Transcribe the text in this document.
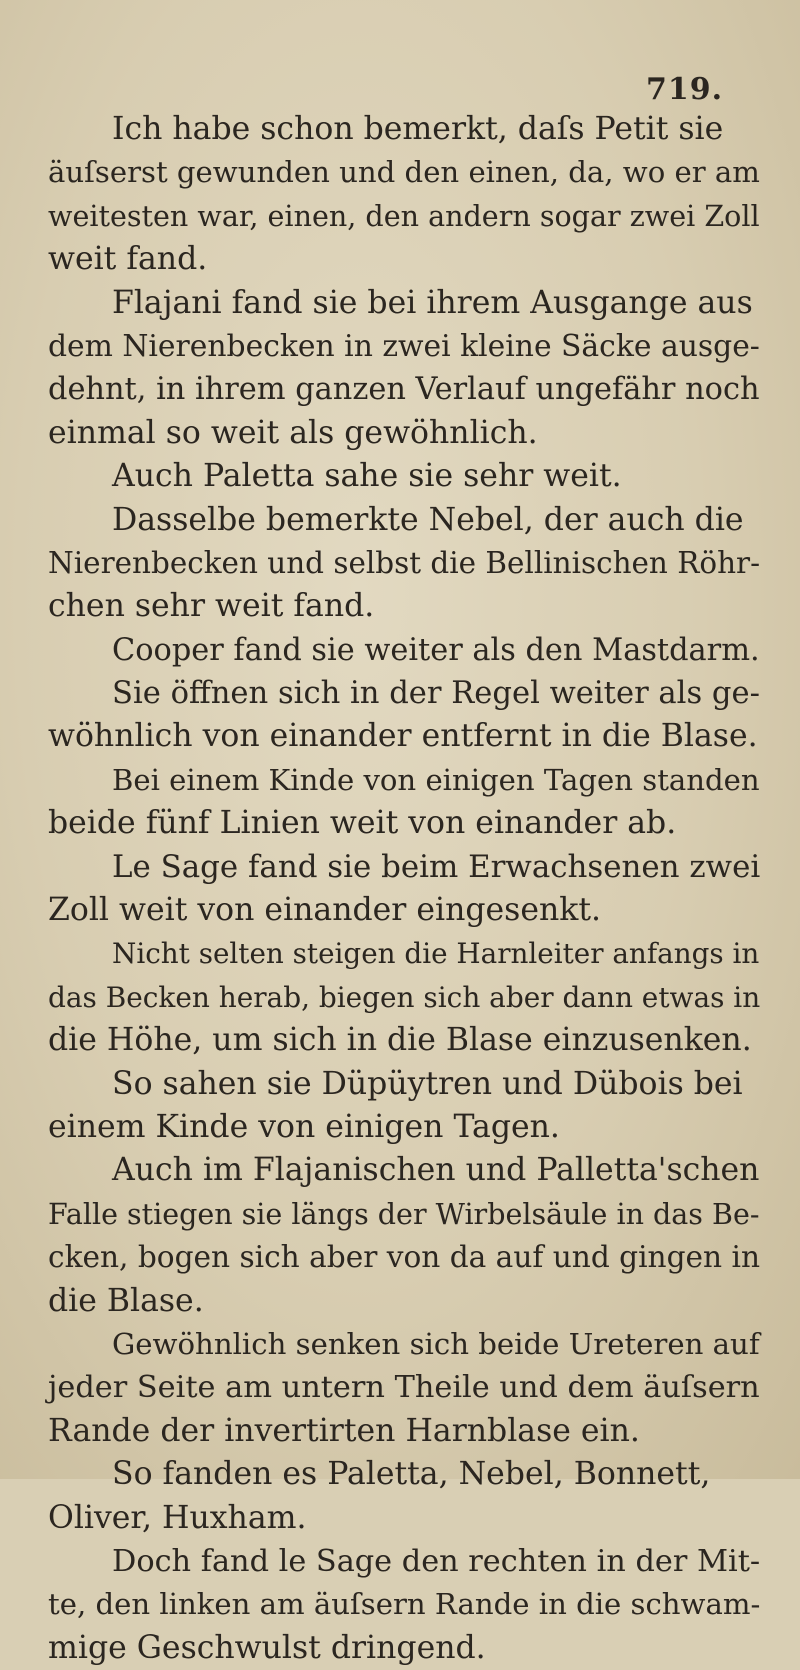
719.
Ich habe schon bemerkt, daſs Petit sie
äuſserst gewunden und den einen, da, wo er am
weitesten war, einen, den andern sogar zwei Zoll
weit fand.
Flajani fand sie bei ihrem Ausgange aus
dem Nierenbecken in zwei kleine Säcke ausge-
dehnt, in ihrem ganzen Verlauf ungefähr noch
einmal so weit als gewöhnlich.
Auch Paletta sahe sie sehr weit.
Dasselbe bemerkte Nebel, der auch die
Nierenbecken und selbst die Bellinischen Röhr-
chen sehr weit fand.
Cooper fand sie weiter als den Mastdarm.
Sie öffnen sich in der Regel weiter als ge-
wöhnlich von einander entfernt in die Blase.
Bei einem Kinde von einigen Tagen standen
beide fünf Linien weit von einander ab.
Le Sage fand sie beim Erwachsenen zwei
Zoll weit von einander eingesenkt.
Nicht selten steigen die Harnleiter anfangs in
das Becken herab, biegen sich aber dann etwas in
die Höhe, um sich in die Blase einzusenken.
So sahen sie Düpüytren und Dübois bei
einem Kinde von einigen Tagen.
Auch im Flajanischen und Palletta'schen
Falle stiegen sie längs der Wirbelsäule in das Be-
cken, bogen sich aber von da auf und gingen in
die Blase.
Gewöhnlich senken sich beide Ureteren auf
jeder Seite am untern Theile und dem äuſsern
Rande der invertirten Harnblase ein.
So fanden es Paletta, Nebel, Bonnett,
Oliver, Huxham.
Doch fand le Sage den rechten in der Mit-
te, den linken am äuſsern Rande in die schwam-
mige Geschwulst dringend.
